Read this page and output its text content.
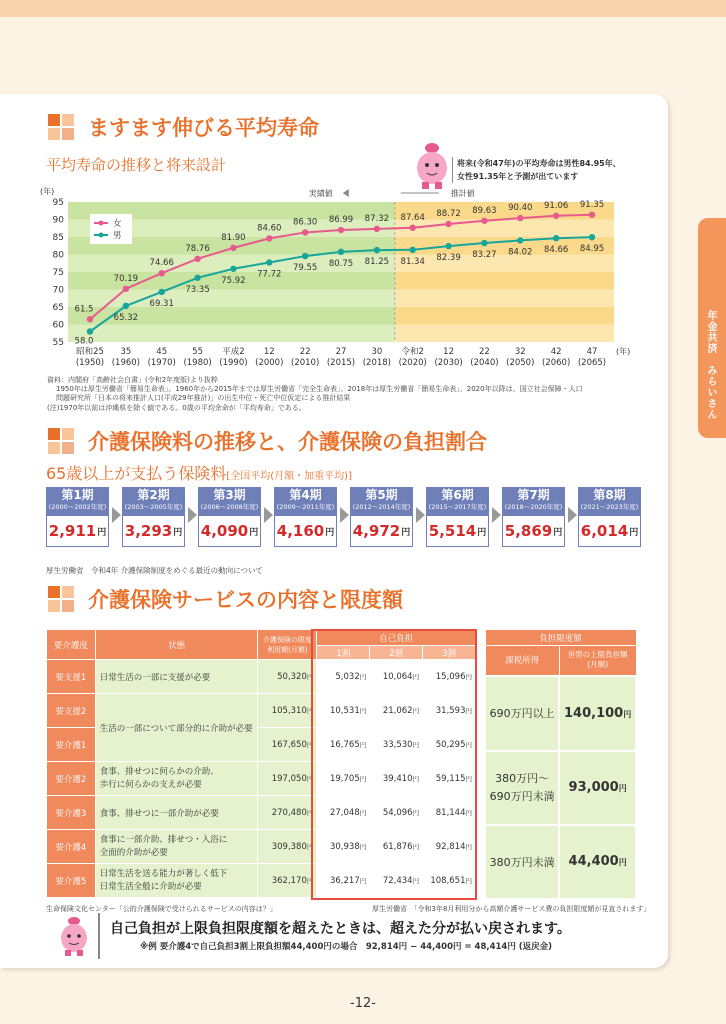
年金共済　みらいさん
ますます伸びる平均寿命
平均寿命の推移と将来設計	将来(令和47年)の平均寿命は男性84.95年、
女性91.35年と予測が出ています
55
60
65
70
75
80
85
90
95
(年)
昭和25
(1950)
35
(1960)
45
(1970)
55
(1980)
平成2
(1990)
12
(2000)
22
(2010)
27
(2015)
30
(2018)
令和2
(2020)
12
(2030)
22
(2040)
32
(2050)
42
(2060)
47
(2065)
(年)
実績値	推計値
61.5
70.19
74.66
78.76
81.90
84.60
86.30 86.99 87.32 87.64 88.72 89.63 90.40 91.06 91.35
58.0
65.32
69.31
73.35
75.92
77.72
79.55 80.75 81.25 81.34 82.39 83.27 84.02 84.66 84.95
女
男
資料：内閣府「高齢社会白書」(令和2年度版)より抜粋
1950年は厚生労働省「簡易生命表」、1960年から2015年までは厚生労働省「完全生命表」、2018年は厚生労働省「簡易生命表」、2020年以降は、国立社会保障・人口
問題研究所「日本の将来推計人口(平成29年推計)」の出生中位・死亡中位仮定による推計結果
(注)1970年以前は沖縄県を除く値である。0歳の平均余命が「平均寿命」である。
介護保険料の推移と、介護保険の負担割合
65歳以上が支払う保険料[全国平均(月額・加重平均)]
第1期
(2000〜2002年度)
2,911 円
第2期
(2003〜2005年度)
3,293 円
第3期
(2006〜2008年度)
4,090 円
第4期
(2009〜2011年度)
4,160 円
第5期
(2012〜2014年度)
4,972 円
第6期
(2015〜2017年度)
5,514 円
第7期
(2018〜2020年度)
5,869 円
第8期
(2021〜2023年度)
6,014 円
厚生労働省　令和4年 介護保険制度をめぐる最近の動向について
介護保険サービスの内容と限度額
要介護度	状態	介護保険の限度
利用額(月額)	自己負担		
			1割	2割	3割
要支援1	日常生活の一部に支援が必要	50,320円	5,032円	10,064円	15,096円
要支援2	生活の一部について部分的に介助が必要	105,310円	10,531円	21,062円	31,593円
要介護1		167,650円	16,765円	33,530円	50,295円
要介護2	食事、排せつに何らかの介助、
歩行に何らかの支えが必要	197,050円	19,705円	39,410円	59,115円
要介護3	食事、排せつに一部介助が必要	270,480円	27,048円	54,096円	81,144円
要介護4	食事に一部介助、排せつ・入浴に
全面的介助が必要	309,380円	30,938円	61,876円	92,814円
要介護5	日常生活を送る能力が著しく低下
日常生活全般に介助が必要	362,170円	36,217円	72,434円	108,651円
負担限度額	
課税所得	世帯の上限負担額
(月額)
690万円以上	140,100円
380万円〜
690万円未満	93,000円
380万円未満	44,400円
生命保険文化センター「公的介護保険で受けられるサービスの内容は？」	厚生労働省　「令和3年8月利用分から高額介護サービス費の負担限度額が見直されます」
自己負担が上限負担限度額を超えたときは、超えた分が払い戻されます。
※例 要介護4で自己負担3割上限負担額44,400円の場合　92,814円 − 44,400円 = 48,414円 (返戻金)
-12-
